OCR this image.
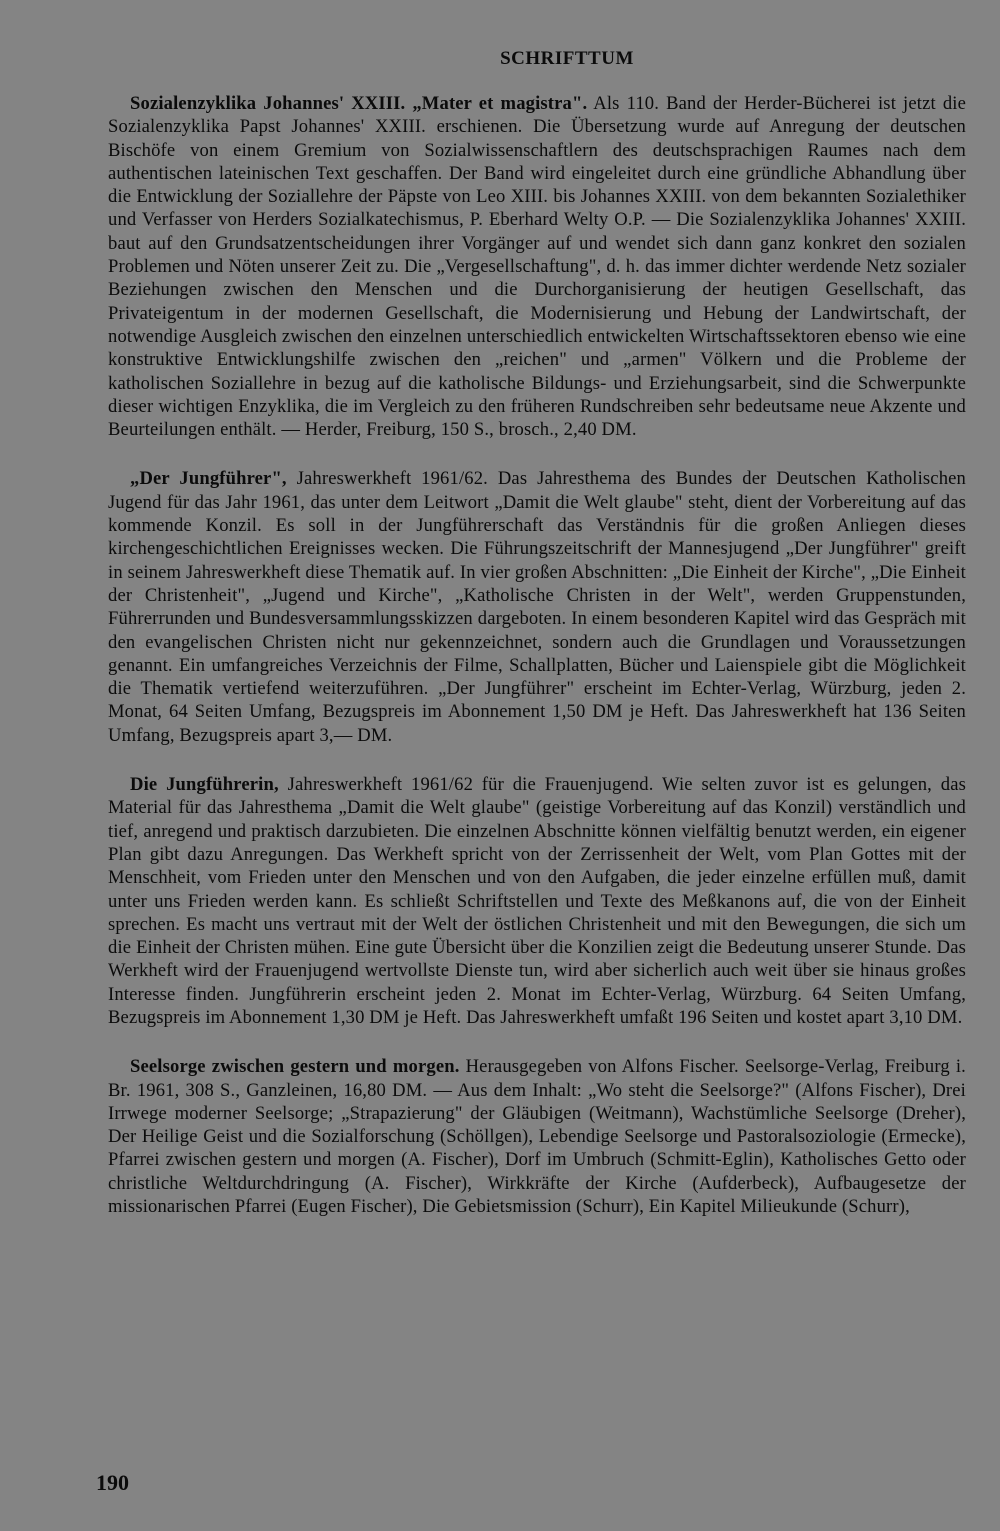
SCHRIFTTUM

Sozialenzyklika Johannes' XXIII. „Mater et magistra". Als 110. Band der Herder-Bücherei ist jetzt die Sozialenzyklika Papst Johannes' XXIII. erschienen. Die Übersetzung wurde auf Anregung der deutschen Bischöfe von einem Gremium von Sozialwissenschaftlern des deutschsprachigen Raumes nach dem authentischen lateinischen Text geschaffen. Der Band wird eingeleitet durch eine gründliche Abhandlung über die Entwicklung der Soziallehre der Päpste von Leo XIII. bis Johannes XXIII. von dem bekannten Sozialethiker und Verfasser von Herders Sozialkatechismus, P. Eberhard Welty O.P. — Die Sozialenzyklika Johannes' XXIII. baut auf den Grundsatzentscheidungen ihrer Vorgänger auf und wendet sich dann ganz konkret den sozialen Problemen und Nöten unserer Zeit zu. Die „Vergesellschaftung", d. h. das immer dichter werdende Netz sozialer Beziehungen zwischen den Menschen und die Durchorganisierung der heutigen Gesellschaft, das Privateigentum in der modernen Gesellschaft, die Modernisierung und Hebung der Landwirtschaft, der notwendige Ausgleich zwischen den einzelnen unterschiedlich entwickelten Wirtschaftssektoren ebenso wie eine konstruktive Entwicklungshilfe zwischen den „reichen" und „armen" Völkern und die Probleme der katholischen Soziallehre in bezug auf die katholische Bildungs- und Erziehungsarbeit, sind die Schwerpunkte dieser wichtigen Enzyklika, die im Vergleich zu den früheren Rundschreiben sehr bedeutsame neue Akzente und Beurteilungen enthält. — Herder, Freiburg, 150 S., brosch., 2,40 DM.

„Der Jungführer", Jahreswerkheft 1961/62. Das Jahresthema des Bundes der Deutschen Katholischen Jugend für das Jahr 1961, das unter dem Leitwort „Damit die Welt glaube" steht, dient der Vorbereitung auf das kommende Konzil. Es soll in der Jungführerschaft das Verständnis für die großen Anliegen dieses kirchengeschichtlichen Ereignisses wecken. Die Führungszeitschrift der Mannesjugend „Der Jungführer" greift in seinem Jahreswerkheft diese Thematik auf. In vier großen Abschnitten: „Die Einheit der Kirche", „Die Einheit der Christenheit", „Jugend und Kirche", „Katholische Christen in der Welt", werden Gruppenstunden, Führerrunden und Bundesversammlungsskizzen dargeboten. In einem besonderen Kapitel wird das Gespräch mit den evangelischen Christen nicht nur gekennzeichnet, sondern auch die Grundlagen und Voraussetzungen genannt. Ein umfangreiches Verzeichnis der Filme, Schallplatten, Bücher und Laienspiele gibt die Möglichkeit die Thematik vertiefend weiterzuführen. „Der Jungführer" erscheint im Echter-Verlag, Würzburg, jeden 2. Monat, 64 Seiten Umfang, Bezugspreis im Abonnement 1,50 DM je Heft. Das Jahreswerkheft hat 136 Seiten Umfang, Bezugspreis apart 3,— DM.

Die Jungführerin, Jahreswerkheft 1961/62 für die Frauenjugend. Wie selten zuvor ist es gelungen, das Material für das Jahresthema „Damit die Welt glaube" (geistige Vorbereitung auf das Konzil) verständlich und tief, anregend und praktisch darzubieten. Die einzelnen Abschnitte können vielfältig benutzt werden, ein eigener Plan gibt dazu Anregungen. Das Werkheft spricht von der Zerrissenheit der Welt, vom Plan Gottes mit der Menschheit, vom Frieden unter den Menschen und von den Aufgaben, die jeder einzelne erfüllen muß, damit unter uns Frieden werden kann. Es schließt Schriftstellen und Texte des Meßkanons auf, die von der Einheit sprechen. Es macht uns vertraut mit der Welt der östlichen Christenheit und mit den Bewegungen, die sich um die Einheit der Christen mühen. Eine gute Übersicht über die Konzilien zeigt die Bedeutung unserer Stunde. Das Werkheft wird der Frauenjugend wertvollste Dienste tun, wird aber sicherlich auch weit über sie hinaus großes Interesse finden. Jungführerin erscheint jeden 2. Monat im Echter-Verlag, Würzburg. 64 Seiten Umfang, Bezugspreis im Abonnement 1,30 DM je Heft. Das Jahreswerkheft umfaßt 196 Seiten und kostet apart 3,10 DM.

Seelsorge zwischen gestern und morgen. Herausgegeben von Alfons Fischer. Seelsorge-Verlag, Freiburg i. Br. 1961, 308 S., Ganzleinen, 16,80 DM. — Aus dem Inhalt: „Wo steht die Seelsorge?" (Alfons Fischer), Drei Irrwege moderner Seelsorge; „Strapazierung" der Gläubigen (Weitmann), Wachstümliche Seelsorge (Dreher), Der Heilige Geist und die Sozialforschung (Schöllgen), Lebendige Seelsorge und Pastoralsoziologie (Ermecke), Pfarrei zwischen gestern und morgen (A. Fischer), Dorf im Umbruch (Schmitt-Eglin), Katholisches Getto oder christliche Weltdurchdringung (A. Fischer), Wirkkräfte der Kirche (Aufderbeck), Aufbaugesetze der missionarischen Pfarrei (Eugen Fischer), Die Gebietsmission (Schurr), Ein Kapitel Milieukunde (Schurr),

190
